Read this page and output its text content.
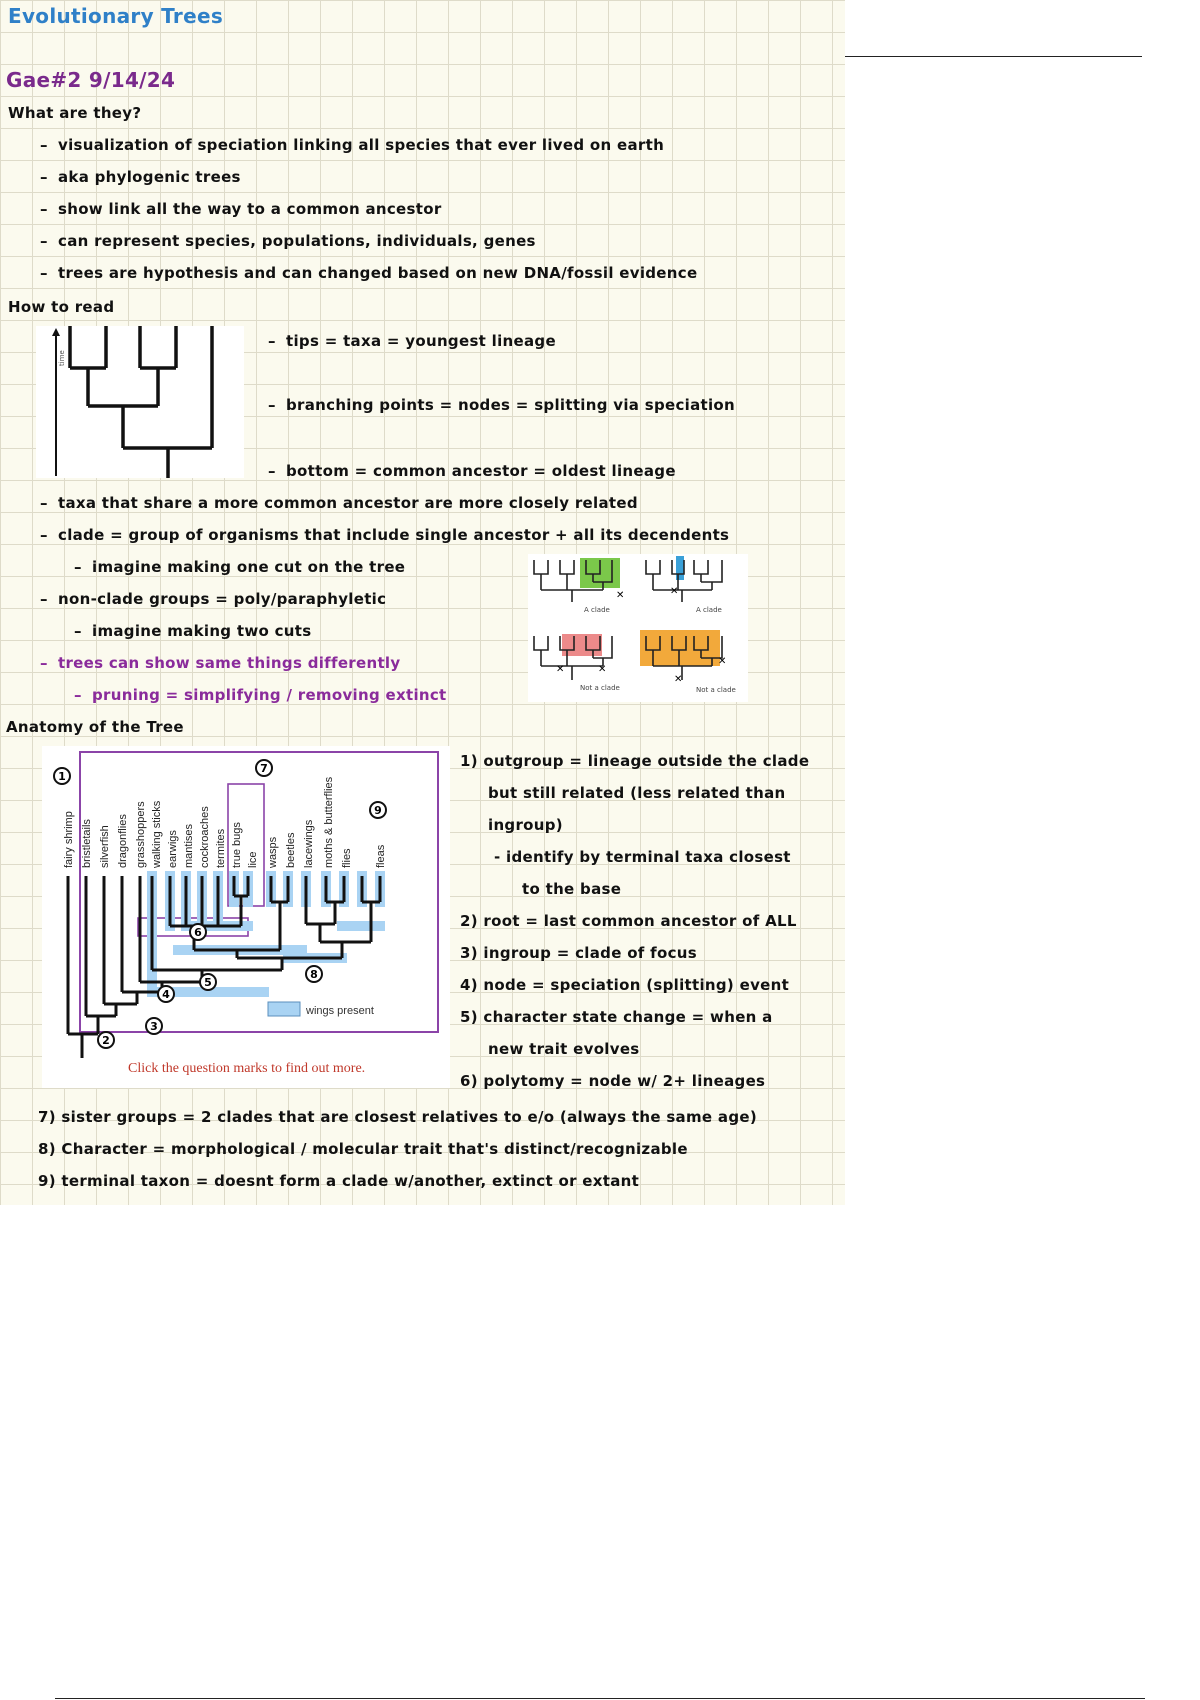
Evolutionary Trees
Gae#2 9/14/24
What are they?
– visualization of speciation linking all species that ever lived on earth
– aka phylogenic trees
– show link all the way to a common ancestor
– can represent species, populations, individuals, genes
– trees are hypothesis and can changed based on new DNA/fossil evidence
How to read
time
– tips = taxa = youngest lineage
– branching points = nodes = splitting via speciation
– bottom = common ancestor = oldest lineage
– taxa that share a more common ancestor are more closely related
– clade = group of organisms that include single ancestor + all its decendents
– imagine making one cut on the tree
– non-clade groups = poly/paraphyletic
– imagine making two cuts
– trees can show same things differently
– pruning = simplifying / removing extinct
✕
A clade
✕
A clade
✕	✕
Not a clade
✕
✕
Not a clade
Anatomy of the Tree
fairy shrimp bristletails silverfish dragonflies grasshoppers walking sticks earwigs mantises cockroaches termites true bugs lice wasps beetles lacewings moths & butterflies flies fleas
wings present
1
2
3
4
5
6
7
8
9
Click the question marks to find out more.
1) outgroup = lineage outside the clade
but still related (less related than
ingroup)
- identify by terminal taxa closest
to the base
2) root = last common ancestor of ALL
3) ingroup = clade of focus
4) node = speciation (splitting) event
5) character state change = when a
new trait evolves
6) polytomy = node w/ 2+ lineages
7) sister groups = 2 clades that are closest relatives to e/o (always the same age)
8) Character = morphological / molecular trait that's distinct/recognizable
9) terminal taxon = doesnt form a clade w/another, extinct or extant
